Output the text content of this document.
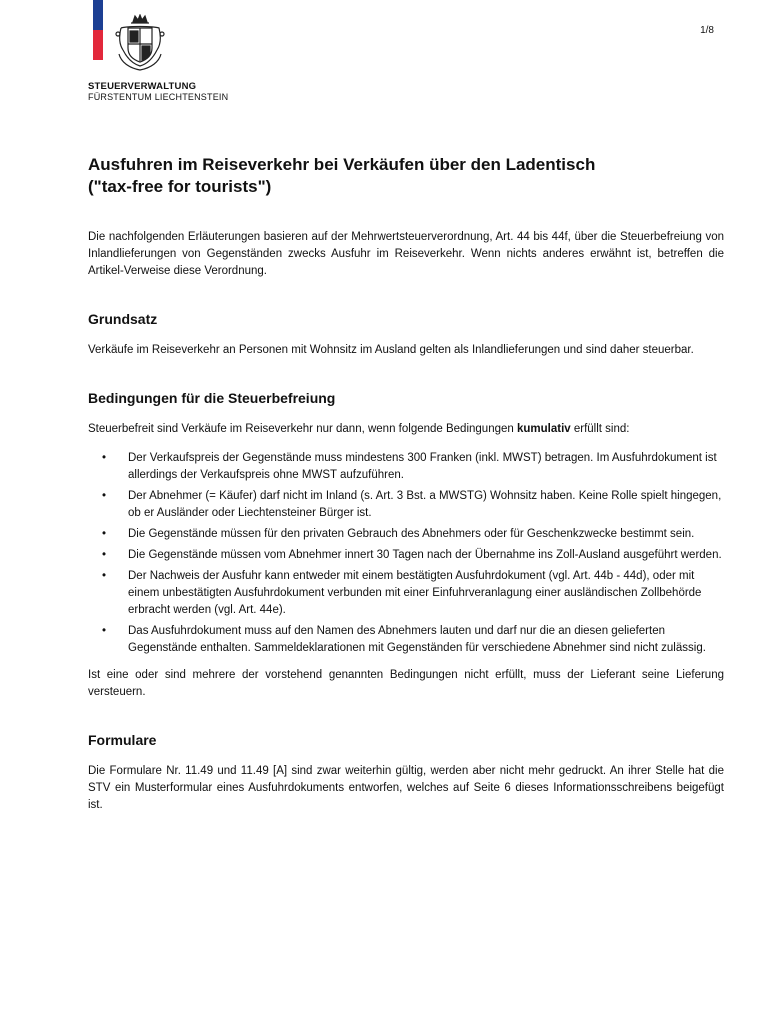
1/8
STEUERVERWALTUNG
FÜRSTENTUM LIECHTENSTEIN
Ausfuhren im Reiseverkehr bei Verkäufen über den Ladentisch
("tax-free for tourists")

Die nachfolgenden Erläuterungen basieren auf der Mehrwertsteuerverordnung, Art. 44 bis 44f, über die Steuerbefreiung von Inlandlieferungen von Gegenständen zwecks Ausfuhr im Reiseverkehr. Wenn nichts anderes erwähnt ist, betreffen die Artikel-Verweise diese Verordnung.

Grundsatz

Verkäufe im Reiseverkehr an Personen mit Wohnsitz im Ausland gelten als Inlandlieferungen und sind daher steuerbar.

Bedingungen für die Steuerbefreiung

Steuerbefreit sind Verkäufe im Reiseverkehr nur dann, wenn folgende Bedingungen kumulativ erfüllt sind:

• Der Verkaufspreis der Gegenstände muss mindestens 300 Franken (inkl. MWST) betragen. Im Ausfuhrdokument ist allerdings der Verkaufspreis ohne MWST aufzuführen.
• Der Abnehmer (= Käufer) darf nicht im Inland (s. Art. 3 Bst. a MWSTG) Wohnsitz haben. Keine Rolle spielt hingegen, ob er Ausländer oder Liechtensteiner Bürger ist.
• Die Gegenstände müssen für den privaten Gebrauch des Abnehmers oder für Geschenkzwecke bestimmt sein.
• Die Gegenstände müssen vom Abnehmer innert 30 Tagen nach der Übernahme ins Zoll-Ausland ausgeführt werden.
• Der Nachweis der Ausfuhr kann entweder mit einem bestätigten Ausfuhrdokument (vgl. Art. 44b - 44d), oder mit einem unbestätigten Ausfuhrdokument verbunden mit einer Einfuhrveranlagung einer ausländischen Zollbehörde erbracht werden (vgl. Art. 44e).
• Das Ausfuhrdokument muss auf den Namen des Abnehmers lauten und darf nur die an diesen gelieferten Gegenstände enthalten. Sammeldeklarationen mit Gegenständen für verschiedene Abnehmer sind nicht zulässig.

Ist eine oder sind mehrere der vorstehend genannten Bedingungen nicht erfüllt, muss der Lieferant seine Lieferung versteuern.

Formulare

Die Formulare Nr. 11.49 und 11.49 [A] sind zwar weiterhin gültig, werden aber nicht mehr gedruckt. An ihrer Stelle hat die STV ein Musterformular eines Ausfuhrdokuments entworfen, welches auf Seite 6 dieses Informationsschreibens beigefügt ist.
